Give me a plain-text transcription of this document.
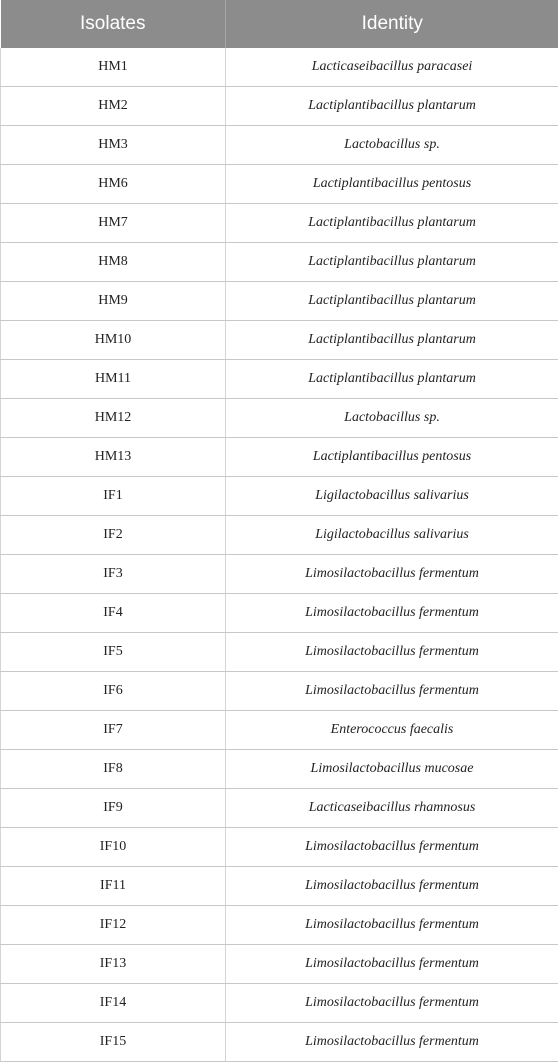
Isolates	Identity
HM1	Lacticaseibacillus paracasei
HM2	Lactiplantibacillus plantarum
HM3	Lactobacillus sp.
HM6	Lactiplantibacillus pentosus
HM7	Lactiplantibacillus plantarum
HM8	Lactiplantibacillus plantarum
HM9	Lactiplantibacillus plantarum
HM10	Lactiplantibacillus plantarum
HM11	Lactiplantibacillus plantarum
HM12	Lactobacillus sp.
HM13	Lactiplantibacillus pentosus
IF1	Ligilactobacillus salivarius
IF2	Ligilactobacillus salivarius
IF3	Limosilactobacillus fermentum
IF4	Limosilactobacillus fermentum
IF5	Limosilactobacillus fermentum
IF6	Limosilactobacillus fermentum
IF7	Enterococcus faecalis
IF8	Limosilactobacillus mucosae
IF9	Lacticaseibacillus rhamnosus
IF10	Limosilactobacillus fermentum
IF11	Limosilactobacillus fermentum
IF12	Limosilactobacillus fermentum
IF13	Limosilactobacillus fermentum
IF14	Limosilactobacillus fermentum
IF15	Limosilactobacillus fermentum
